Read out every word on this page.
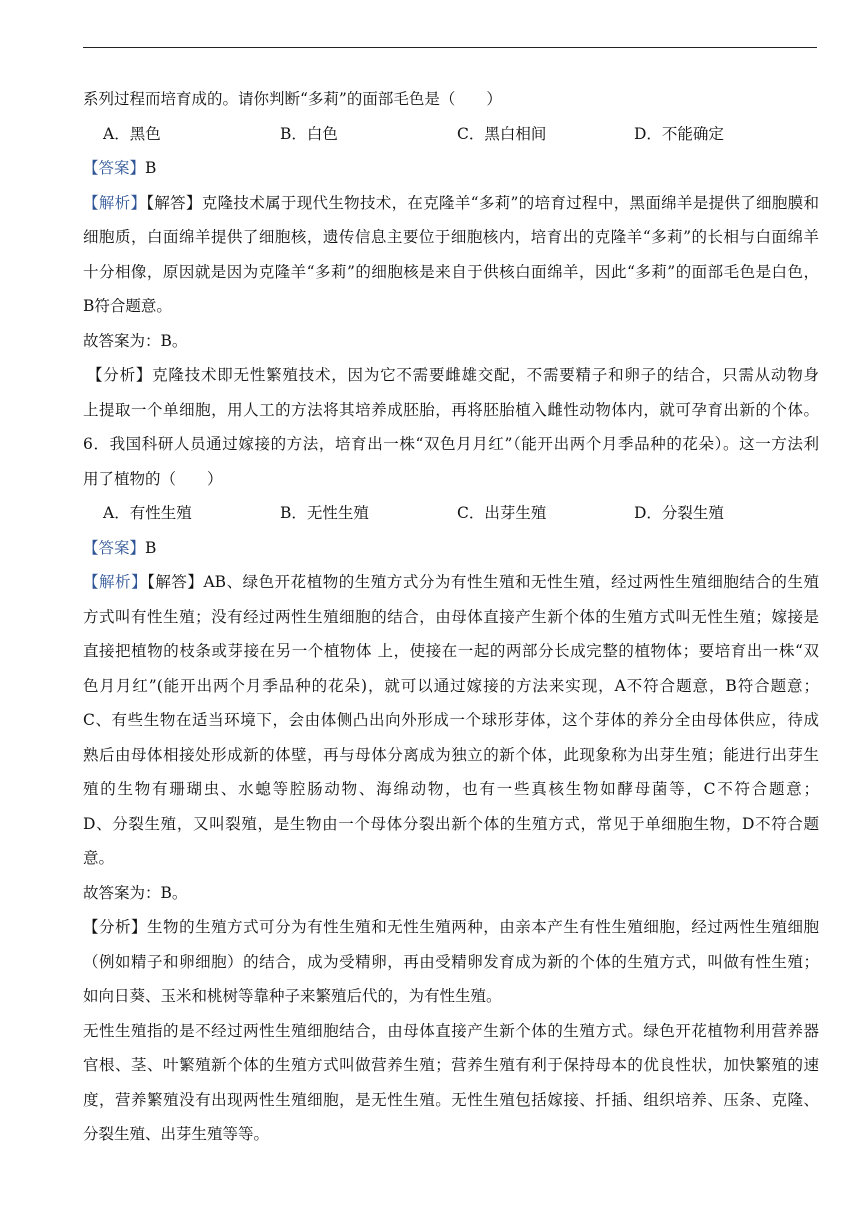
系列过程而培育成的。请你判断“多莉”的面部毛色是（　　）
A．黑色	B．白色	C．黑白相间	D．不能确定
【答案】B
【解析】【解答】克隆技术属于现代生物技术，在克隆羊“多莉”的培育过程中，黑面绵羊是提供了细胞膜和
细胞质，白面绵羊提供了细胞核，遗传信息主要位于细胞核内，培育出的克隆羊“多莉”的长相与白面绵羊
十分相像，原因就是因为克隆羊“多莉”的细胞核是来自于供核白面绵羊，因此“多莉”的面部毛色是白色，
B符合题意。
故答案为：B。
【分析】克隆技术即无性繁殖技术，因为它不需要雌雄交配，不需要精子和卵子的结合，只需从动物身
上提取一个单细胞，用人工的方法将其培养成胚胎，再将胚胎植入雌性动物体内，就可孕育出新的个体。
6．我国科研人员通过嫁接的方法，培育出一株“双色月月红”（能开出两个月季品种的花朵）。这一方法利
用了植物的（　　）
A．有性生殖	B．无性生殖	C．出芽生殖	D．分裂生殖
【答案】B
【解析】【解答】AB、绿色开花植物的生殖方式分为有性生殖和无性生殖，经过两性生殖细胞结合的生殖
方式叫有性生殖；没有经过两性生殖细胞的结合，由母体直接产生新个体的生殖方式叫无性生殖；嫁接是
直接把植物的枝条或芽接在另一个植物体 上，使接在一起的两部分长成完整的植物体；要培育出一株“双
色月月红”(能开出两个月季品种的花朵)，就可以通过嫁接的方法来实现，A不符合题意，B符合题意；
C、有些生物在适当环境下，会由体侧凸出向外形成一个球形芽体，这个芽体的养分全由母体供应，待成
熟后由母体相接处形成新的体壁，再与母体分离成为独立的新个体，此现象称为出芽生殖；能进行出芽生
殖的生物有珊瑚虫、水螅等腔肠动物、海绵动物，也有一些真核生物如酵母菌等，C不符合题意；
D、分裂生殖，又叫裂殖，是生物由一个母体分裂出新个体的生殖方式，常见于单细胞生物，D不符合题
意。
故答案为：B。
【分析】生物的生殖方式可分为有性生殖和无性生殖两种，由亲本产生有性生殖细胞，经过两性生殖细胞
（例如精子和卵细胞）的结合，成为受精卵，再由受精卵发育成为新的个体的生殖方式，叫做有性生殖；
如向日葵、玉米和桃树等靠种子来繁殖后代的，为有性生殖。
无性生殖指的是不经过两性生殖细胞结合，由母体直接产生新个体的生殖方式。绿色开花植物利用营养器
官根、茎、叶繁殖新个体的生殖方式叫做营养生殖；营养生殖有利于保持母本的优良性状，加快繁殖的速
度，营养繁殖没有出现两性生殖细胞，是无性生殖。无性生殖包括嫁接、扦插、组织培养、压条、克隆、
分裂生殖、出芽生殖等等。
